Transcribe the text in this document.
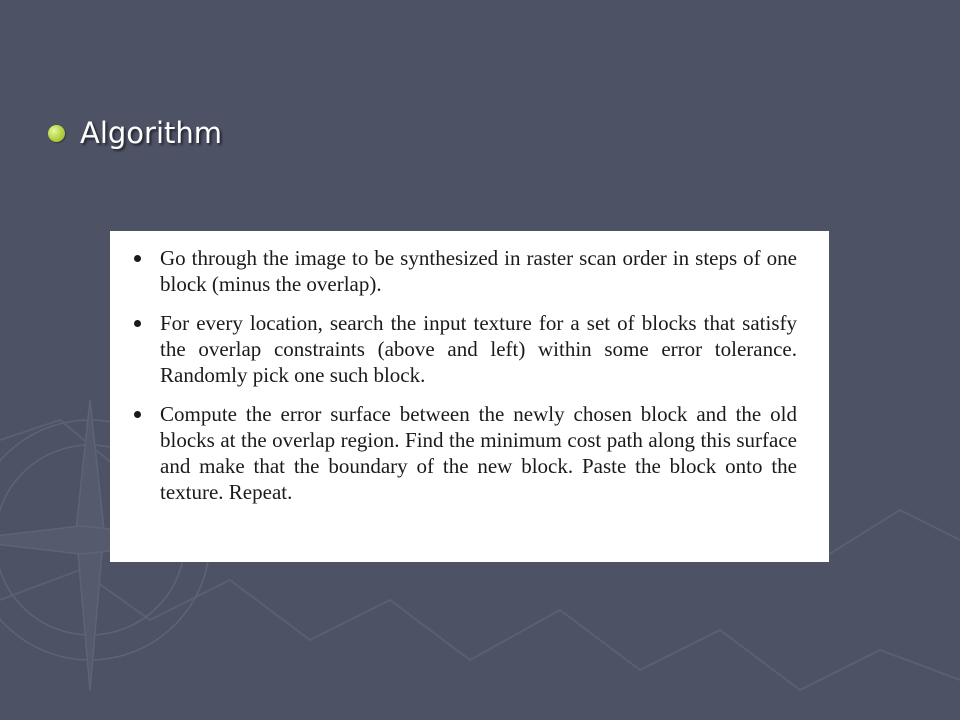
Algorithm
Go through the image to be synthesized in raster scan order in steps of one block (minus the overlap).
For every location, search the input texture for a set of blocks that satisfy the overlap constraints (above and left) within some error tolerance. Randomly pick one such block.
Compute the error surface between the newly chosen block and the old blocks at the overlap region. Find the minimum cost path along this surface and make that the boundary of the new block. Paste the block onto the texture. Repeat.
